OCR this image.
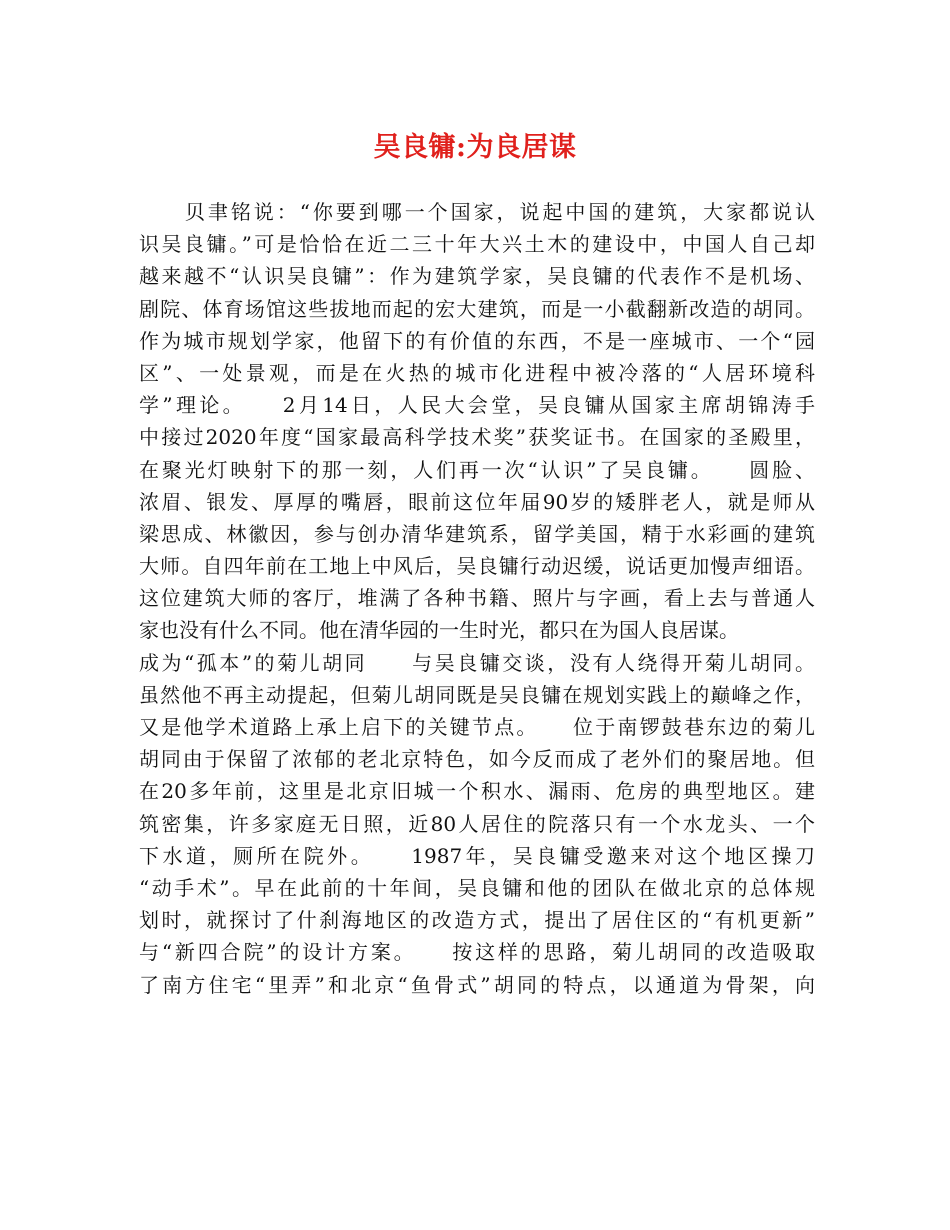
吴良镛:为良居谋
　　贝聿铭说：“你要到哪一个国家，说起中国的建筑，大家都说认
识吴良镛。”可是恰恰在近二三十年大兴土木的建设中，中国人自己却
越来越不“认识吴良镛”：作为建筑学家，吴良镛的代表作不是机场、
剧院、体育场馆这些拔地而起的宏大建筑，而是一小截翻新改造的胡同。
作为城市规划学家，他留下的有价值的东西，不是一座城市、一个“园
区”、一处景观，而是在火热的城市化进程中被冷落的“人居环境科
学”理论。　　2月14日，人民大会堂，吴良镛从国家主席胡锦涛手
中接过2020年度“国家最高科学技术奖”获奖证书。在国家的圣殿里，
在聚光灯映射下的那一刻，人们再一次“认识”了吴良镛。　　圆脸、
浓眉、银发、厚厚的嘴唇，眼前这位年届90岁的矮胖老人，就是师从
梁思成、林徽因，参与创办清华建筑系，留学美国，精于水彩画的建筑
大师。自四年前在工地上中风后，吴良镛行动迟缓，说话更加慢声细语。
这位建筑大师的客厅，堆满了各种书籍、照片与字画，看上去与普通人
家也没有什么不同。他在清华园的一生时光，都只在为国人良居谋。
成为“孤本”的菊儿胡同　　与吴良镛交谈，没有人绕得开菊儿胡同。
虽然他不再主动提起，但菊儿胡同既是吴良镛在规划实践上的巅峰之作，
又是他学术道路上承上启下的关键节点。　　位于南锣鼓巷东边的菊儿
胡同由于保留了浓郁的老北京特色，如今反而成了老外们的聚居地。但
在20多年前，这里是北京旧城一个积水、漏雨、危房的典型地区。建
筑密集，许多家庭无日照，近80人居住的院落只有一个水龙头、一个
下水道，厕所在院外。　　1987年，吴良镛受邀来对这个地区操刀
“动手术”。早在此前的十年间，吴良镛和他的团队在做北京的总体规
划时，就探讨了什刹海地区的改造方式，提出了居住区的“有机更新”
与“新四合院”的设计方案。　　按这样的思路，菊儿胡同的改造吸取
了南方住宅“里弄”和北京“鱼骨式”胡同的特点，以通道为骨架，向
